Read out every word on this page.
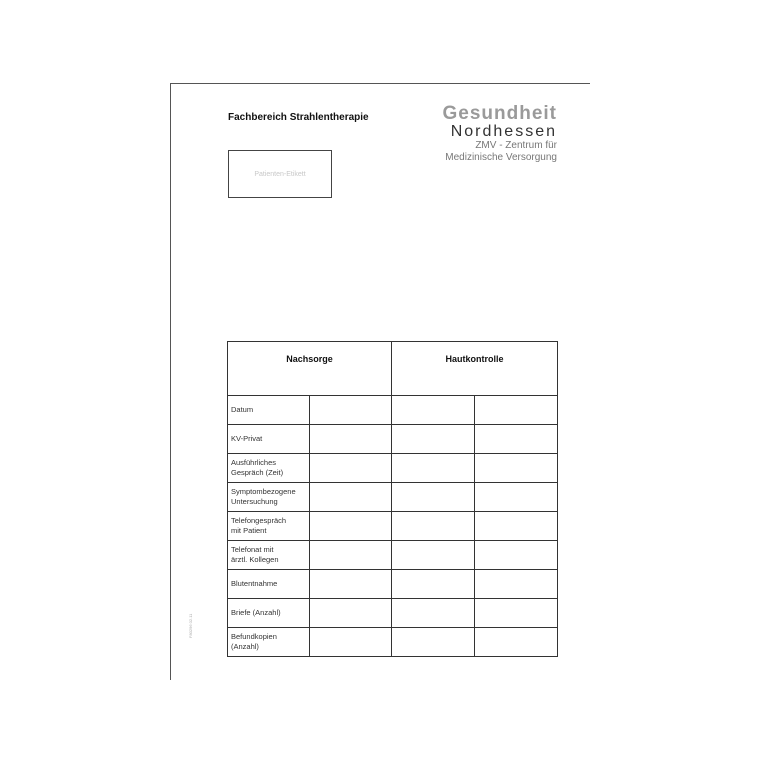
Fachbereich Strahlentherapie	Gesundheit
Nordhessen
ZMV - Zentrum für
Medizinische Versorgung
Patienten-Etikett
Nachsorge		Hautkontrolle	

Datum			

KV-Privat			

Ausführliches
Gespräch (Zeit)			

Symptombezogene
Untersuchung			

Telefongespräch
mit Patient			

Telefonat mit
ärztl. Kollegen			

Blutentnahme			

Briefe (Anzahl)			

Befundkopien
(Anzahl)			

F80296 02.11
